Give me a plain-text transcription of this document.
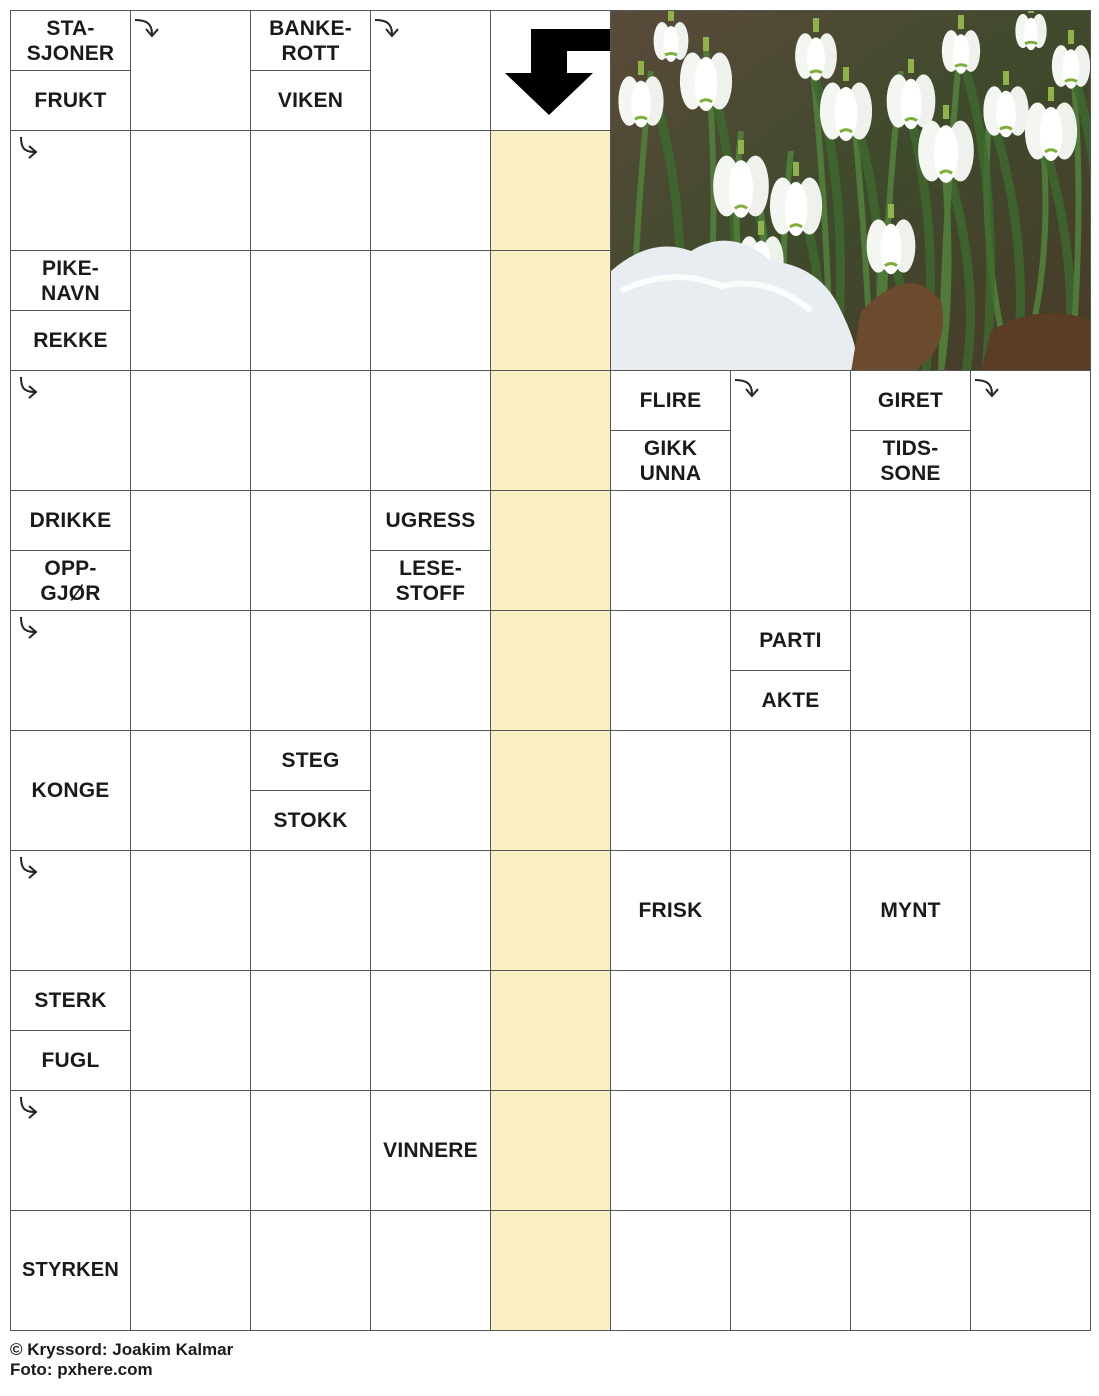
STA-
SJONER
FRUKT
BANKE-
ROTT
VIKEN
PIKE-
NAVN
REKKE
FLIRE
GIKK
UNNA
GIRET
TIDS-
SONE
DRIKKE
OPP-
GJØR
UGRESS
LESE-
STOFF
PARTI
AKTE
KONGE
STEG
STOKK
FRISK	MYNT
STERK
FUGL
VINNERE
STYRKEN
© Kryssord: Joakim Kalmar
Foto: pxhere.com
